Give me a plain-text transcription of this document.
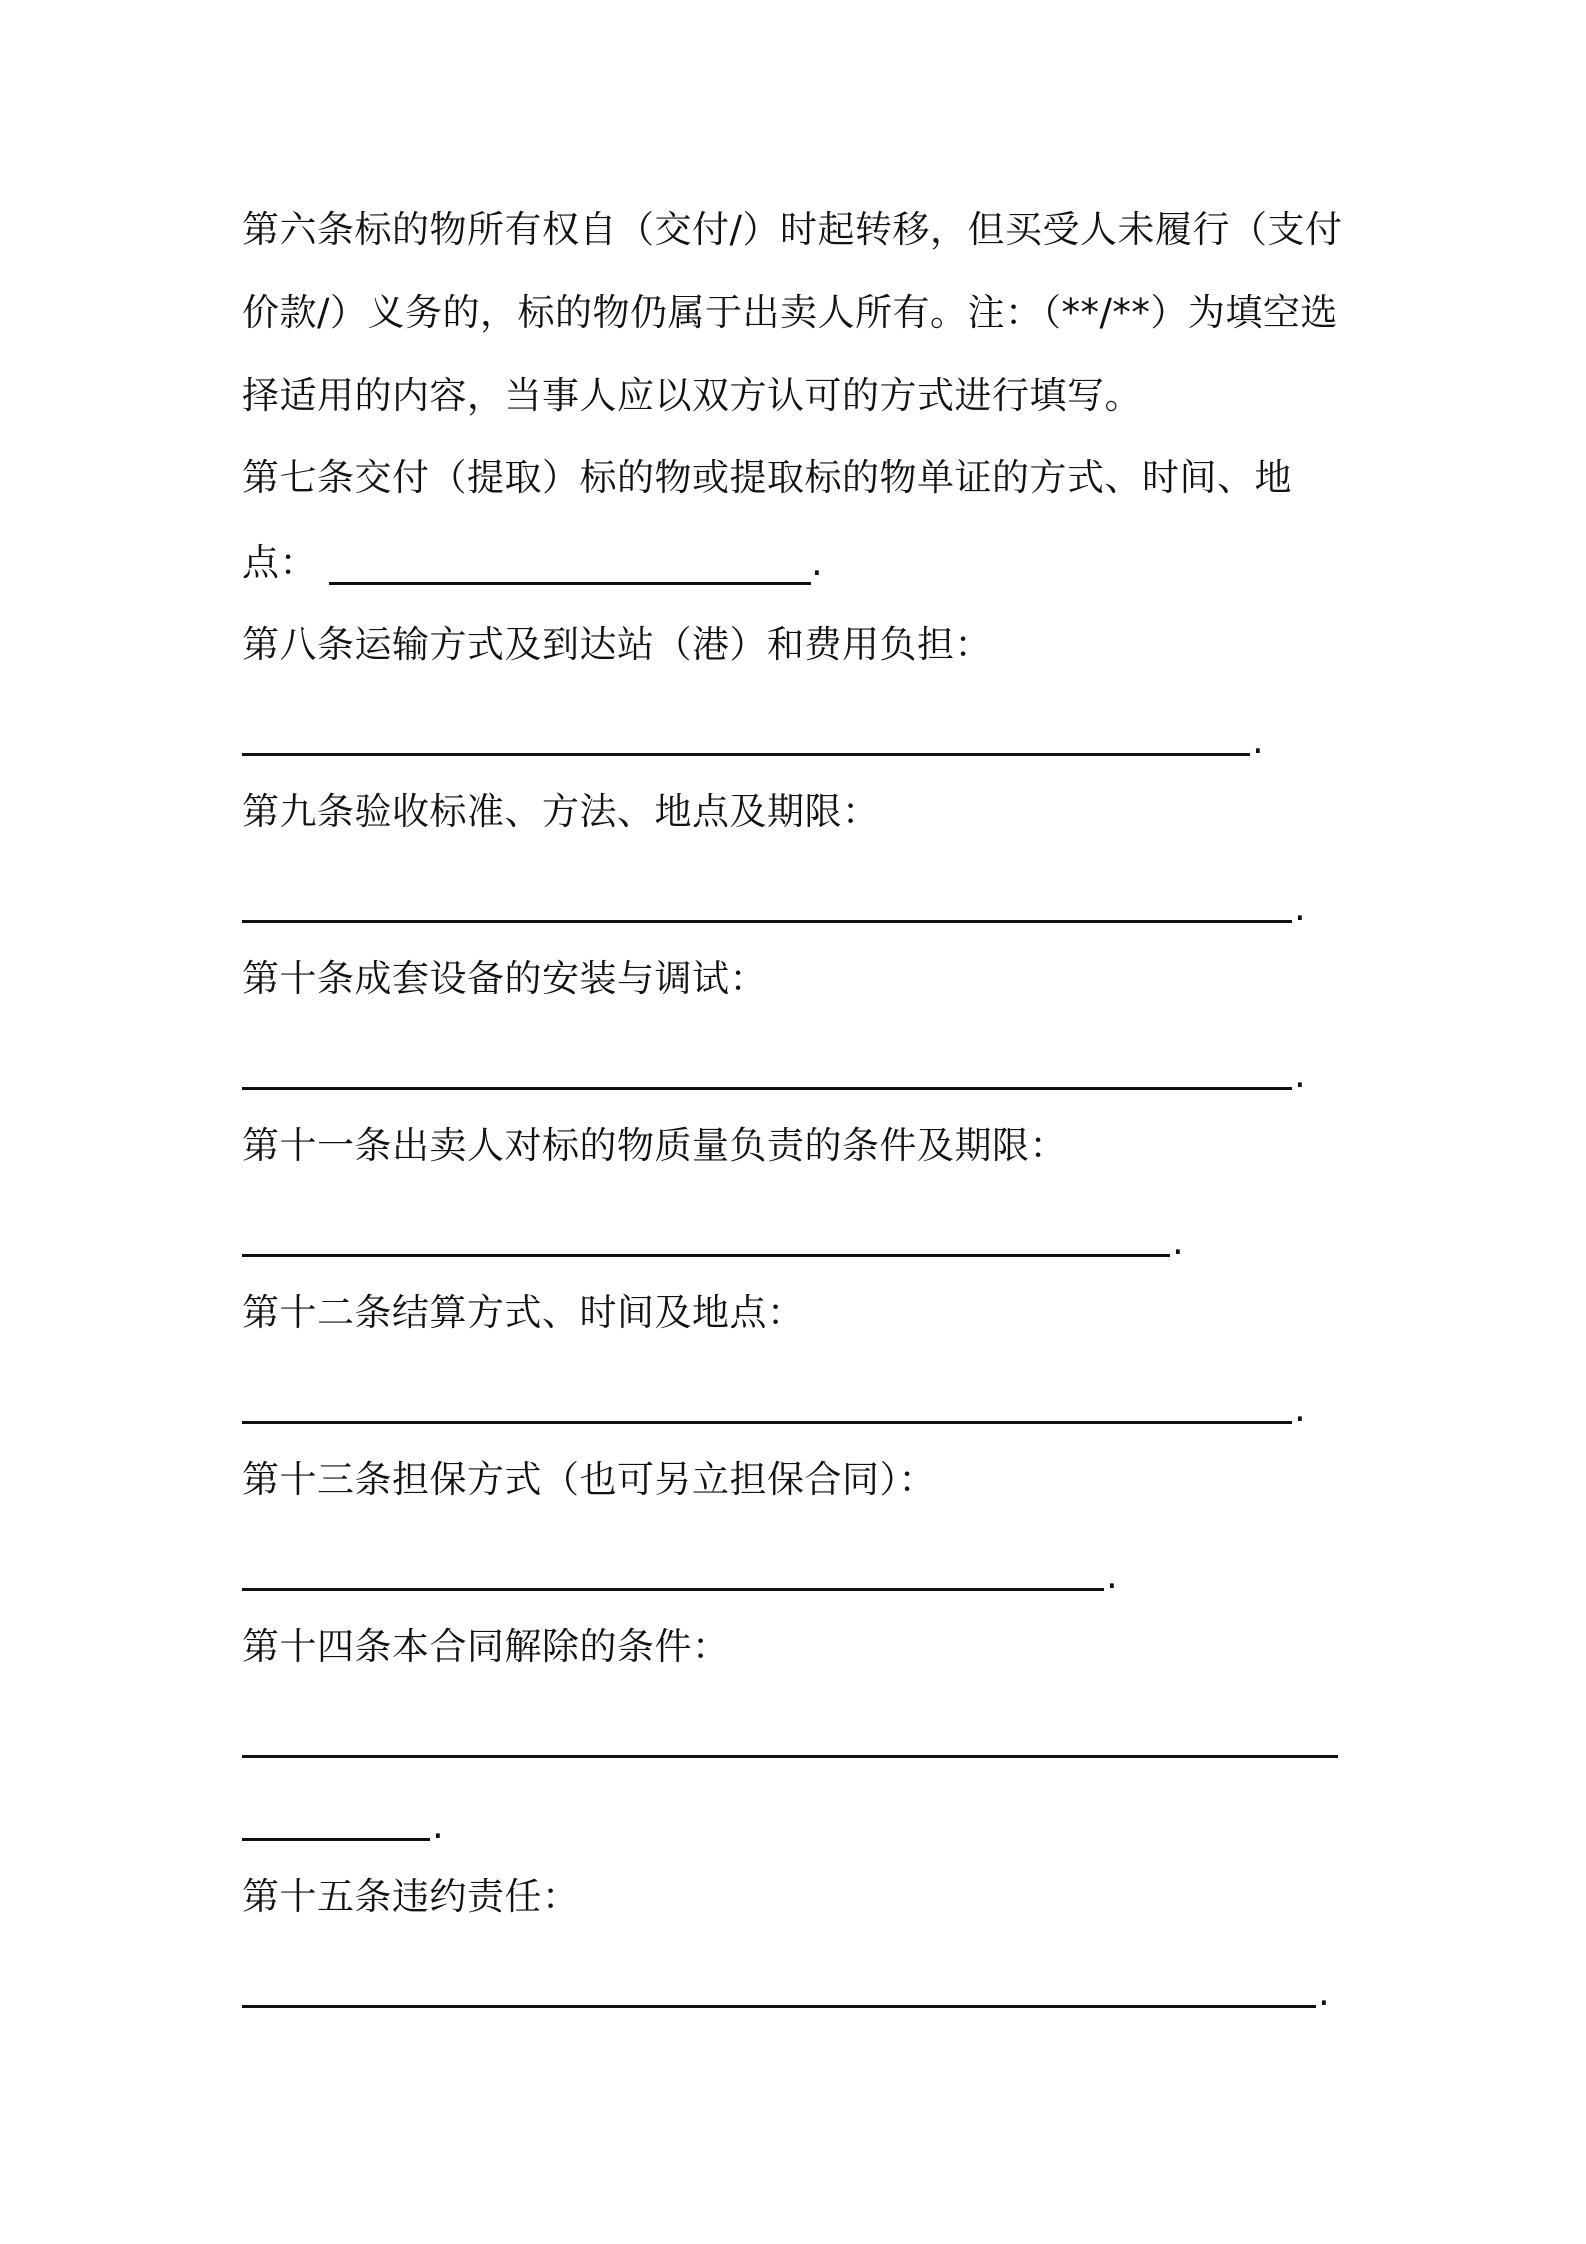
第六条标的物所有权自（交付/）时起转移，但买受人未履行（支付
价款/）义务的，标的物仍属于出卖人所有。注：（**/**）为填空选
择适用的内容，当事人应以双方认可的方式进行填写。
第七条交付（提取）标的物或提取标的物单证的方式、时间、地
点：	.
第八条运输方式及到达站（港）和费用负担：
.
第九条验收标准、方法、地点及期限：
.
第十条成套设备的安装与调试：
.
第十一条出卖人对标的物质量负责的条件及期限：
.
第十二条结算方式、时间及地点：
.
第十三条担保方式（也可另立担保合同）：
.
第十四条本合同解除的条件：
.
第十五条违约责任：
.
